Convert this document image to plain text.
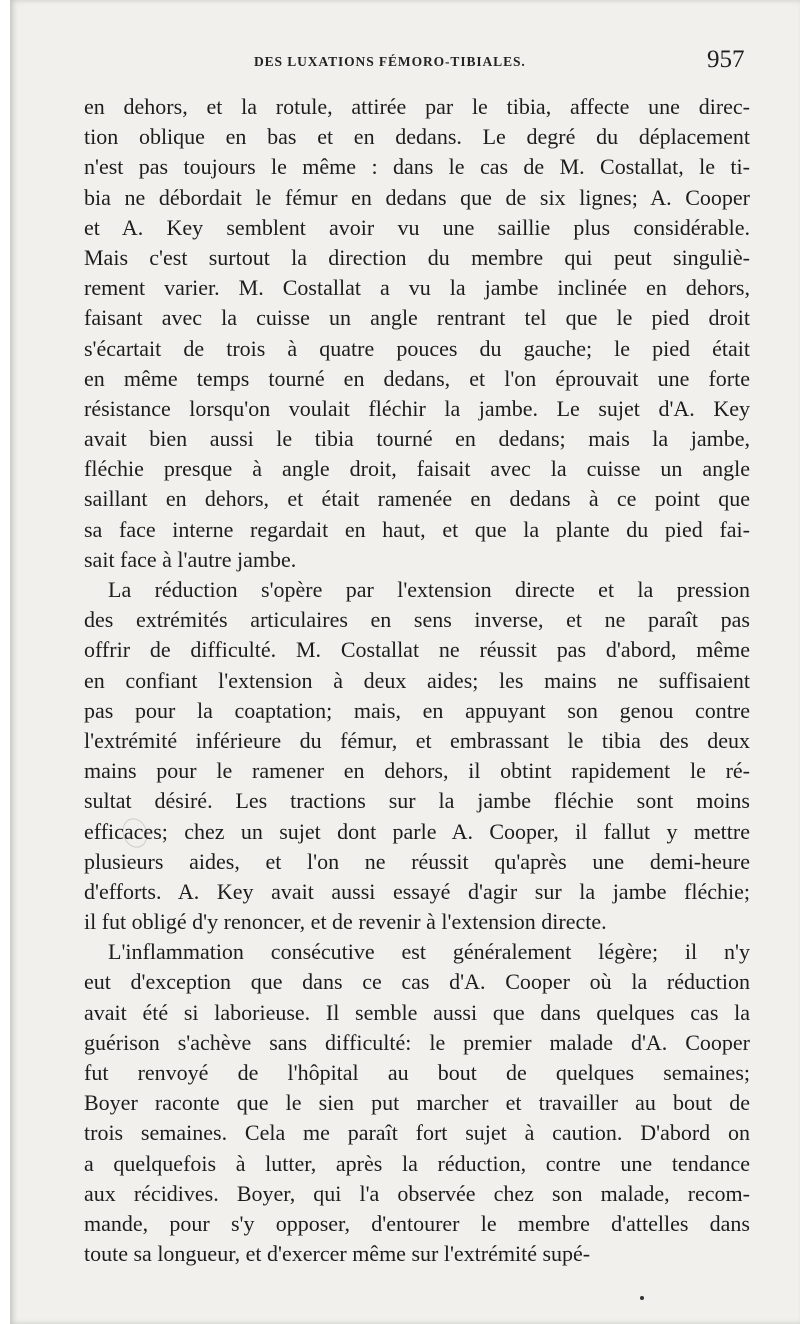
DES LUXATIONS FÉMORO-TIBIALES.	957
en dehors, et la rotule, attirée par le tibia, affecte une direc-
tion oblique en bas et en dedans. Le degré du déplacement
n'est pas toujours le même : dans le cas de M. Costallat, le ti-
bia ne débordait le fémur en dedans que de six lignes; A. Cooper
et A. Key semblent avoir vu une saillie plus considérable.
Mais c'est surtout la direction du membre qui peut singuliè-
rement varier. M. Costallat a vu la jambe inclinée en dehors,
faisant avec la cuisse un angle rentrant tel que le pied droit
s'écartait de trois à quatre pouces du gauche; le pied était
en même temps tourné en dedans, et l'on éprouvait une forte
résistance lorsqu'on voulait fléchir la jambe. Le sujet d'A. Key
avait bien aussi le tibia tourné en dedans; mais la jambe,
fléchie presque à angle droit, faisait avec la cuisse un angle
saillant en dehors, et était ramenée en dedans à ce point que
sa face interne regardait en haut, et que la plante du pied fai-
sait face à l'autre jambe.
La réduction s'opère par l'extension directe et la pression
des extrémités articulaires en sens inverse, et ne paraît pas
offrir de difficulté. M. Costallat ne réussit pas d'abord, même
en confiant l'extension à deux aides; les mains ne suffisaient
pas pour la coaptation; mais, en appuyant son genou contre
l'extrémité inférieure du fémur, et embrassant le tibia des deux
mains pour le ramener en dehors, il obtint rapidement le ré-
sultat désiré. Les tractions sur la jambe fléchie sont moins
efficaces; chez un sujet dont parle A. Cooper, il fallut y mettre
plusieurs aides, et l'on ne réussit qu'après une demi-heure
d'efforts. A. Key avait aussi essayé d'agir sur la jambe fléchie;
il fut obligé d'y renoncer, et de revenir à l'extension directe.
L'inflammation consécutive est généralement légère; il n'y
eut d'exception que dans ce cas d'A. Cooper où la réduction
avait été si laborieuse. Il semble aussi que dans quelques cas la
guérison s'achève sans difficulté: le premier malade d'A. Cooper
fut renvoyé de l'hôpital au bout de quelques semaines;
Boyer raconte que le sien put marcher et travailler au bout de
trois semaines. Cela me paraît fort sujet à caution. D'abord on
a quelquefois à lutter, après la réduction, contre une tendance
aux récidives. Boyer, qui l'a observée chez son malade, recom-
mande, pour s'y opposer, d'entourer le membre d'attelles dans
toute sa longueur, et d'exercer même sur l'extrémité supé-
